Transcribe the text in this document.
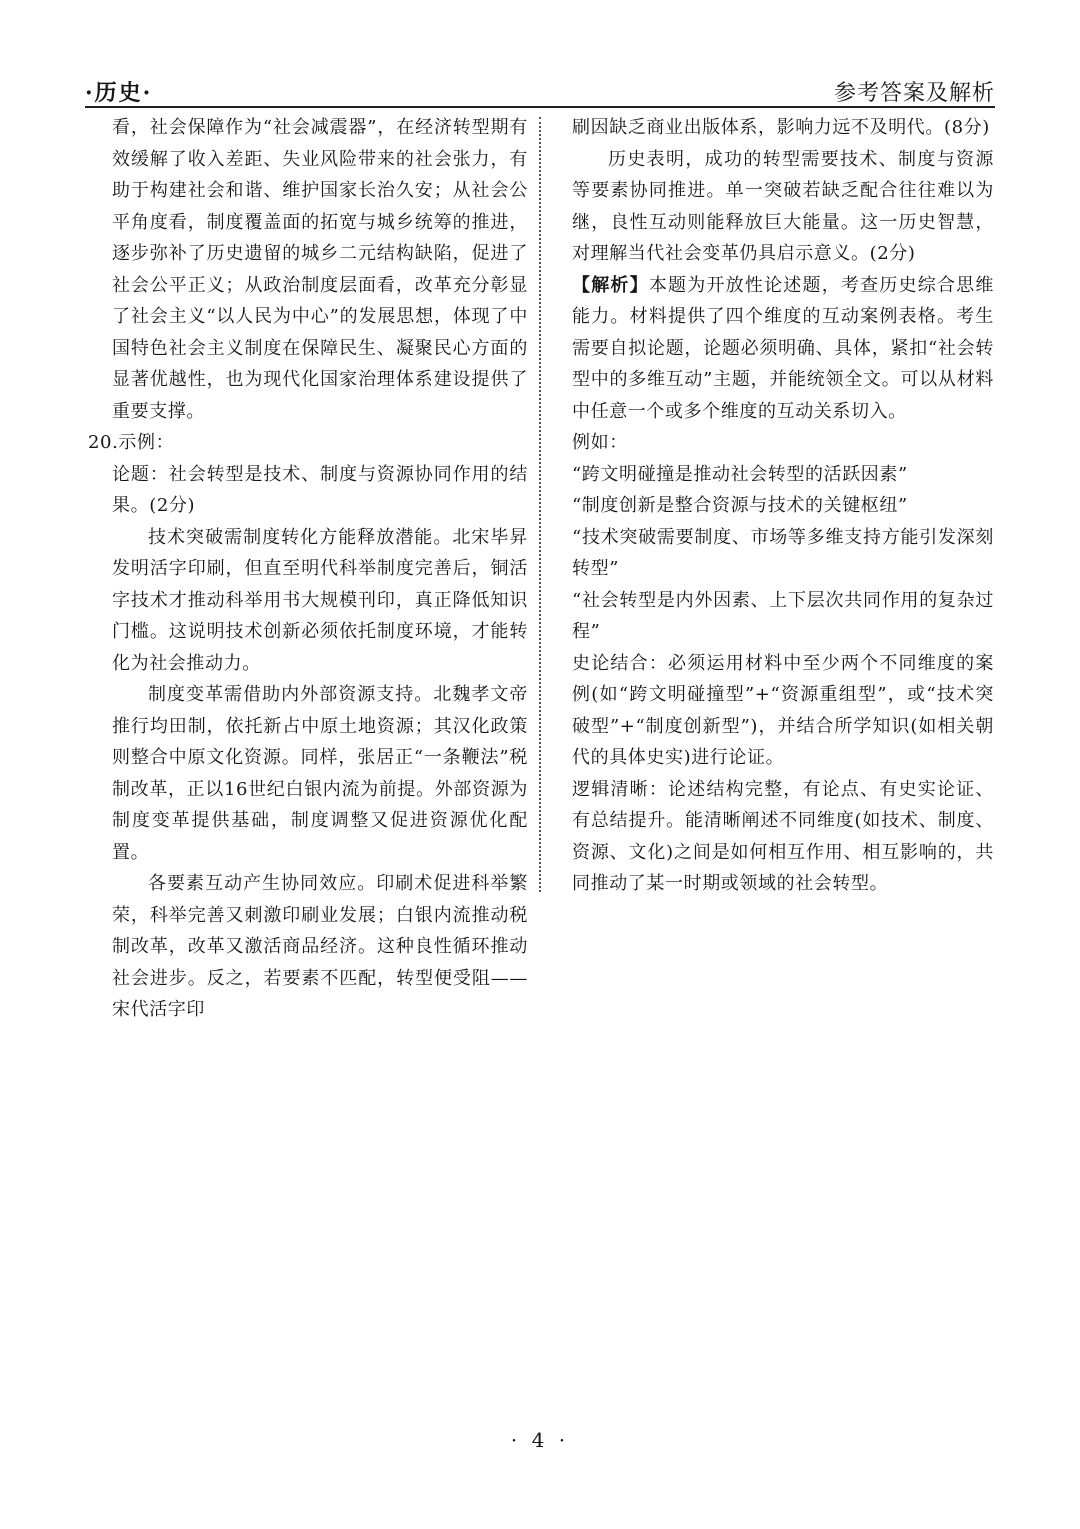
·历史·	参考答案及解析

看，社会保障作为“社会减震器”，在经济转型期有效缓解了收入差距、失业风险带来的社会张力，有助于构建社会和谐、维护国家长治久安；从社会公平角度看，制度覆盖面的拓宽与城乡统筹的推进，逐步弥补了历史遗留的城乡二元结构缺陷，促进了社会公平正义；从政治制度层面看，改革充分彰显了社会主义“以人民为中心”的发展思想，体现了中国特色社会主义制度在保障民生、凝聚民心方面的显著优越性，也为现代化国家治理体系建设提供了重要支撑。

20.示例：

论题：社会转型是技术、制度与资源协同作用的结果。(2分)

技术突破需制度转化方能释放潜能。北宋毕昇发明活字印刷，但直至明代科举制度完善后，铜活字技术才推动科举用书大规模刊印，真正降低知识门槛。这说明技术创新必须依托制度环境，才能转化为社会推动力。

制度变革需借助内外部资源支持。北魏孝文帝推行均田制，依托新占中原土地资源；其汉化政策则整合中原文化资源。同样，张居正“一条鞭法”税制改革，正以16世纪白银内流为前提。外部资源为制度变革提供基础，制度调整又促进资源优化配置。

各要素互动产生协同效应。印刷术促进科举繁荣，科举完善又刺激印刷业发展；白银内流推动税制改革，改革又激活商品经济。这种良性循环推动社会进步。反之，若要素不匹配，转型便受阻——宋代活字印

刷因缺乏商业出版体系，影响力远不及明代。(8分)

历史表明，成功的转型需要技术、制度与资源等要素协同推进。单一突破若缺乏配合往往难以为继，良性互动则能释放巨大能量。这一历史智慧，对理解当代社会变革仍具启示意义。(2分)

【解析】本题为开放性论述题，考查历史综合思维能力。材料提供了四个维度的互动案例表格。考生需要自拟论题，论题必须明确、具体，紧扣“社会转型中的多维互动”主题，并能统领全文。可以从材料中任意一个或多个维度的互动关系切入。

例如：

“跨文明碰撞是推动社会转型的活跃因素”

“制度创新是整合资源与技术的关键枢纽”

“技术突破需要制度、市场等多维支持方能引发深刻转型”

“社会转型是内外因素、上下层次共同作用的复杂过程”

史论结合：必须运用材料中至少两个不同维度的案例(如“跨文明碰撞型”+“资源重组型”，或“技术突破型”+“制度创新型”)，并结合所学知识(如相关朝代的具体史实)进行论证。

逻辑清晰：论述结构完整，有论点、有史实论证、有总结提升。能清晰阐述不同维度(如技术、制度、资源、文化)之间是如何相互作用、相互影响的，共同推动了某一时期或领域的社会转型。

· 4 ·
